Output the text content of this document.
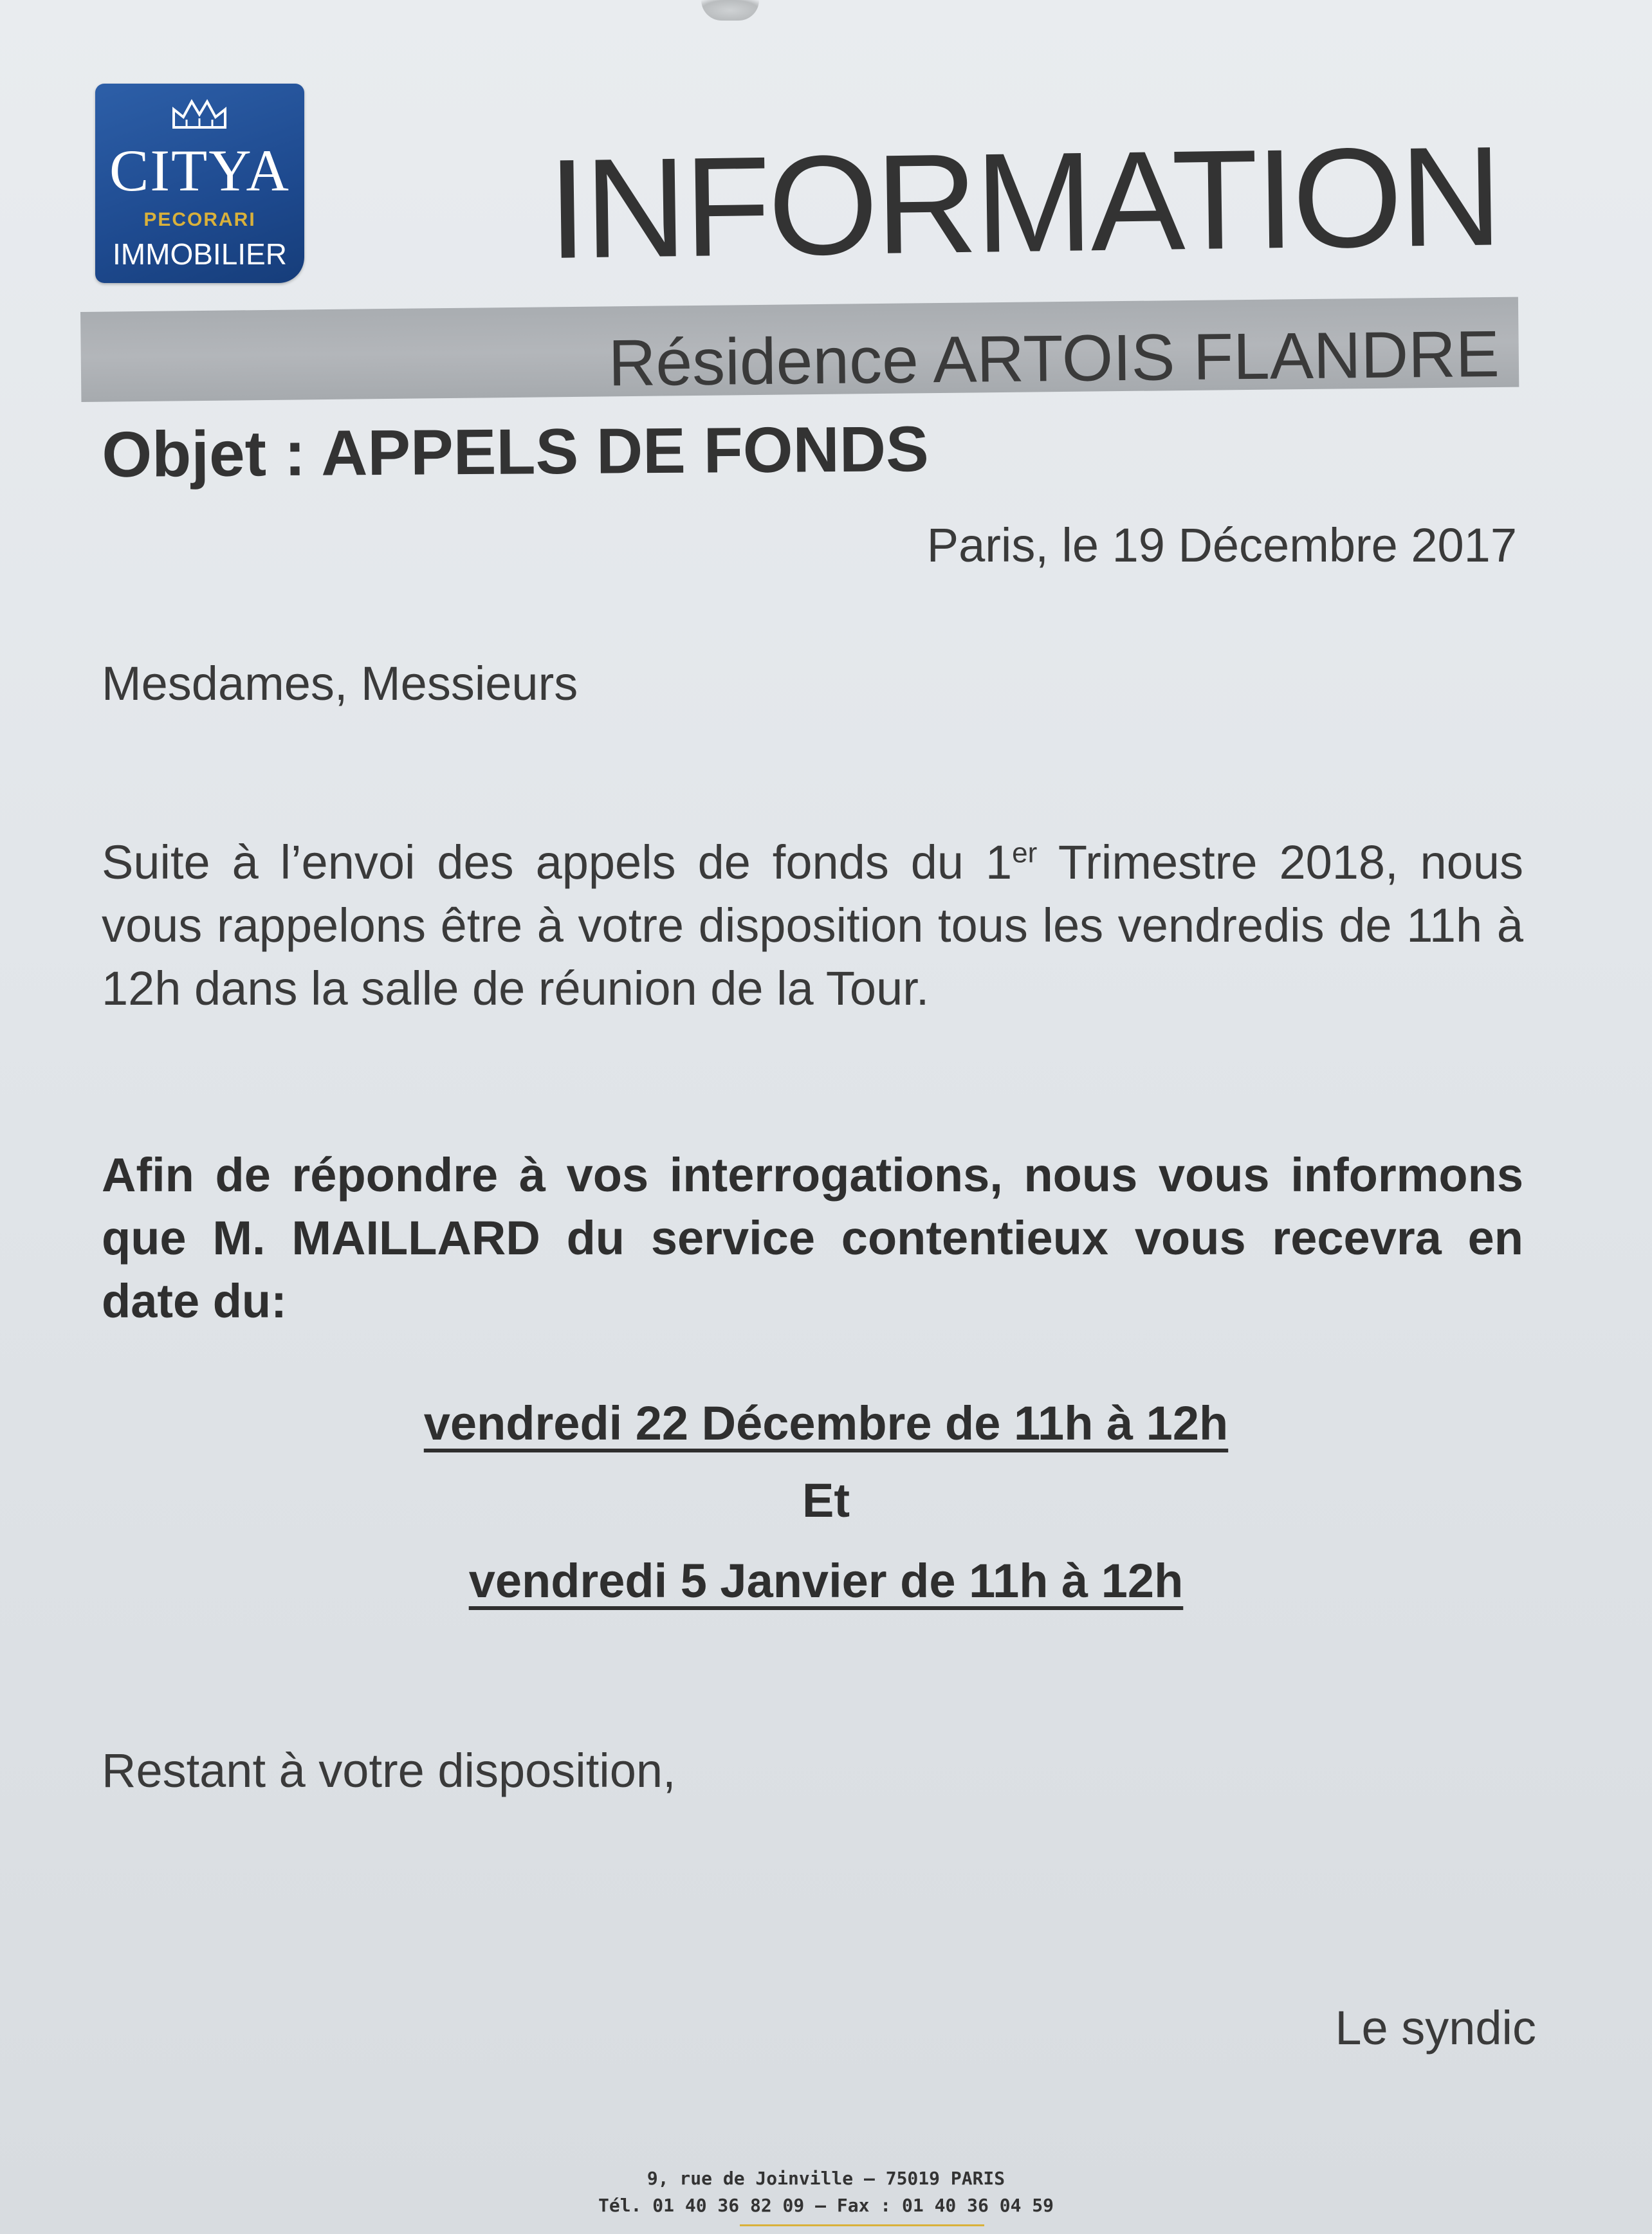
CITYA
PECORARI
IMMOBILIER INFORMATION
Résidence ARTOIS FLANDRE
Objet : APPELS DE FONDS
Paris, le 19 Décembre 2017
Mesdames, Messieurs
Suite à l’envoi des appels de fonds du 1er Trimestre 2018, nous vous rappelons être à votre disposition tous les vendredis de 11h à 12h dans la salle de réunion de la Tour.
Afin de répondre à vos interrogations, nous vous informons que M. MAILLARD du service contentieux vous recevra en date du:
vendredi 22 Décembre de 11h à 12h
Et
vendredi 5 Janvier de 11h à 12h
Restant à votre disposition,
Le syndic
9, rue de Joinville – 75019 PARIS
Tél. 01 40 36 82 09 – Fax : 01 40 36 04 59
